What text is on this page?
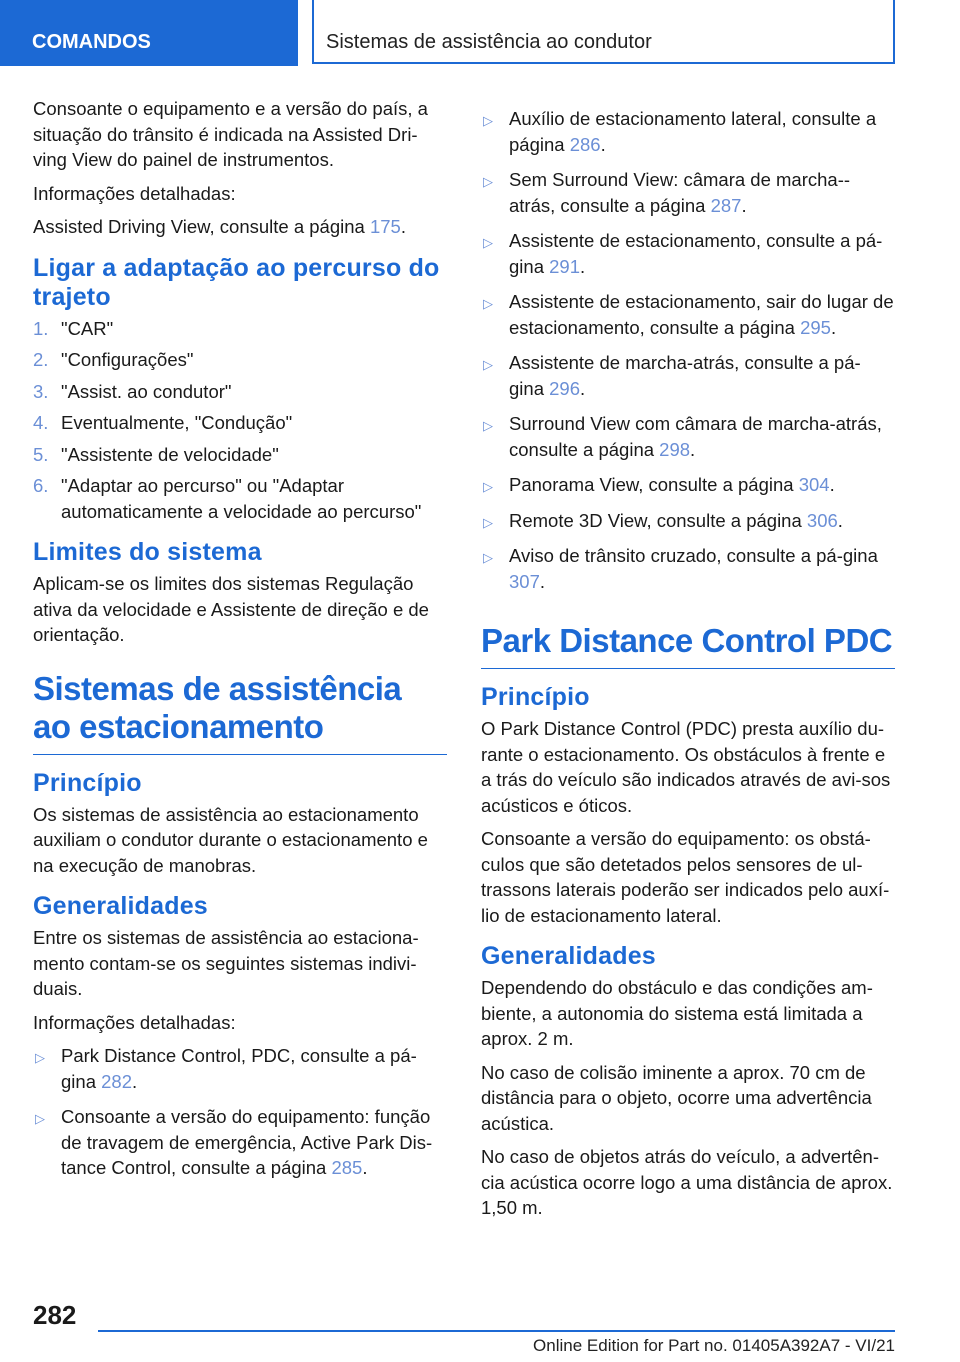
COMANDOS	Sistemas de assistência ao condutor

Consoante o equipamento e a versão do país, a situação do trânsito é indicada na Assisted Dri-ving View do painel de instrumentos.

Informações detalhadas:

Assisted Driving View, consulte a página 175.

Ligar a adaptação ao percurso do trajeto
1. "CAR"
2. "Configurações"
3. "Assist. ao condutor"
4. Eventualmente, "Condução"
5. "Assistente de velocidade"
6. "Adaptar ao percurso" ou "Adaptar automaticamente a velocidade ao percurso"
Limites do sistema

Aplicam-se os limites dos sistemas Regulação ativa da velocidade e Assistente de direção e de orientação.

Sistemas de assistência ao estacionamento
Princípio

Os sistemas de assistência ao estacionamento auxiliam o condutor durante o estacionamento e na execução de manobras.

Generalidades

Entre os sistemas de assistência ao estaciona-mento contam-se os seguintes sistemas indivi-duais.

Informações detalhadas:

▷ Park Distance Control, PDC, consulte a pá-gina 282.
▷ Consoante a versão do equipamento: função de travagem de emergência, Active Park Dis-tance Control, consulte a página 285.
▷ Auxílio de estacionamento lateral, consulte a página 286.
▷ Sem Surround View: câmara de marcha--atrás, consulte a página 287.
▷ Assistente de estacionamento, consulte a pá-gina 291.
▷ Assistente de estacionamento, sair do lugar de estacionamento, consulte a página 295.
▷ Assistente de marcha-atrás, consulte a pá-gina 296.
▷ Surround View com câmara de marcha-atrás, consulte a página 298.
▷ Panorama View, consulte a página 304.
▷ Remote 3D View, consulte a página 306.
▷ Aviso de trânsito cruzado, consulte a pá-gina 307.
Park Distance Control PDC
Princípio

O Park Distance Control (PDC) presta auxílio du-rante o estacionamento. Os obstáculos à frente e a trás do veículo são indicados através de avi-sos acústicos e óticos.

Consoante a versão do equipamento: os obstá-culos que são detetados pelos sensores de ul-trassons laterais poderão ser indicados pelo auxí-lio de estacionamento lateral.

Generalidades

Dependendo do obstáculo e das condições am-biente, a autonomia do sistema está limitada a aprox. 2 m.

No caso de colisão iminente a aprox. 70 cm de distância para o objeto, ocorre uma advertência acústica.

No caso de objetos atrás do veículo, a advertên-cia acústica ocorre logo a uma distância de aprox. 1,50 m.

282
Online Edition for Part no. 01405A392A7 - VI/21
